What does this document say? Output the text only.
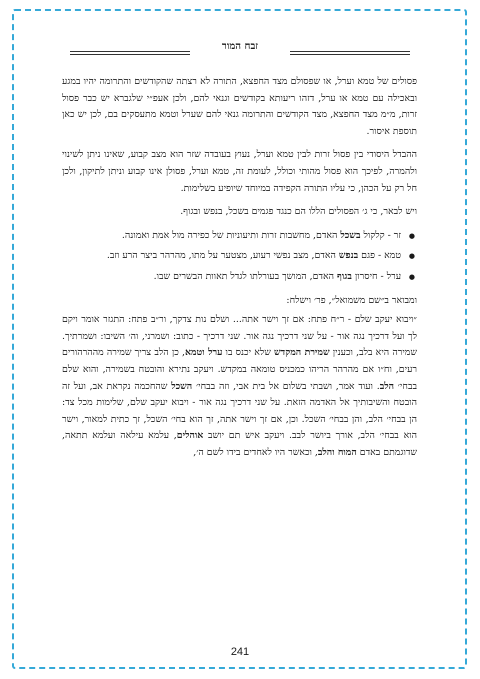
זבח המור

פסולים של טמא וערל, או שפסולם מצד החפצא, התורה לא רצתה שהקודשים והתרומה יהיו במגע ובאכילה עם טמא או ערל, דזהו ריעותא בקודשים וגנאי להם, ולכן אעפ״י שלגברא יש כבר פסול זרות, מ״מ מצד החפצא, מצד הקודשים והתרומה גנאי להם שערל וטמא מתעסקים בם, לכן יש כאן תוספת איסור.

ההבדל היסודי בין פסול זרות לבין טמא וערל, נעוץ בעובדה שזר הוא מצב קבוע, שאינו ניתן לשינוי ולהמרה, לפיכך הוא פסול מהותי וכולל, לעומת זה, טמא וערל, פסולן אינו קבוע וניתן לתיקון, ולכן חל רק על הכהן, כי עליו התורה הקפידה במיוחד שיופיע בשלימות.

ויש לבאר, כי ג׳ הפסולים הללו הם כנגד פגמים בשכל, בנפש ובגוף.

● זר - קלקול בשכל האדם, מחשבות זרות ותיעוניות של כפירה מול אמת ואמונה.
● טמא - פגם בנפש האדם, מצב נפשי רעוע, מצטער על מתו, מהרהר ביצר הרע וזב.
● ערל - חיסרון בגוף האדם, המושך בעורלתו לגדל תאוות הבשרים שבו.

ומבואר ב״שם משמואל״, פר׳ וישלח:

״ויבוא יעקב שלם - ר״ח פתח: אם זך וישר אתה... ושלם נות צדקך, ור״ב פתח: התגזר אומר ויקם לך ועל דרכיך נגה אור - על שני דרכיך נגה אור. שני דרכיך - כתוב: ושמרני, וה׳ השיבו: ושמרתיך. שמירה היא בלב, וכענין שמירת המקדש שלא יכנס בו ערל וטמא, כן הלב צריך שמירה מההרהורים רעים, וח״ו אם מהרהר הריהו כמכניס טומאה במקדש. ויעקב נתירא והובטח בשמירה, והוא שלם בבחי׳ הלב. ועוד אמר, ושבתי בשלום אל בית אבי, וזה בבחי׳ השכל שהחכמה נקראת אב, ועל זה הובטח והשיבותיך אל האדמה הזאת. על שני דרכיך נגה אור - ויבוא יעקב שלם, שלימות מכל צד: הן בבחי׳ הלב, והן בבחי׳ השכל. וכן, אם זך וישר אתה, זך הוא בחי׳ השכל, זך כתית למאור, וישר הוא בבחי׳ הלב, אורך ביושר לבב. ויעקב איש תם יושב אוהלים, עלמא עילאה ועלמא תתאה, שדוגמתם באדם המוח והלב, וכאשר היו לאחדים בידו לשם ה׳,

241
